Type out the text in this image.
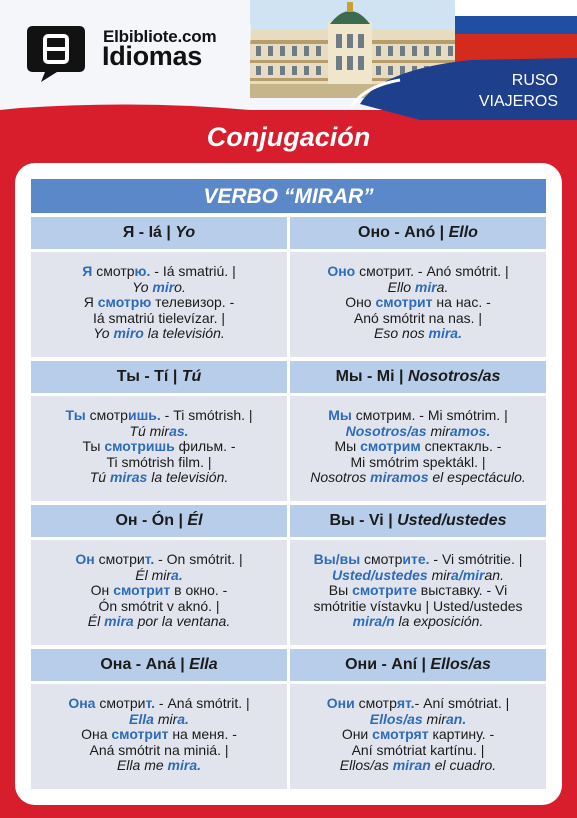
Elbibliote.com
Idiomas
RUSO
VIAJEROS
Conjugación
VERBO “MIRAR”
Я - Iá | Yo	Оно - Anó | Ello
Я смотрю. - Iá smatriú. |
Yo miro.
Я смотрю телевизор. -
Iá smatriú tielevízar. |
Yo miro la televisión.
Оно смотрит. - Anó smótrit. |
Ello mira.
Оно смотрит на нас. -
Anó smótrit na nas. |
Eso nos mira.
Ты - Tí | Tú	Мы - Mi | Nosotros/as
Ты смотришь. - Ti smótrish. |
Tú miras.
Ты смотришь фильм. -
Ti smótrish film. |
Tú miras la televisión.
Мы смотрим. - Mi smótrim. |
Nosotros/as miramos.
Мы смотрим спектакль. -
Mi smótrim spektákl. |
Nosotros miramos el espectáculo.
Он - Ón | Él	Вы - Vi | Usted/ustedes
Он смотрит. - On smótrit. |
Él mira.
Он смотрит в окно. -
Ón smótrit v aknó. |
Él mira por la ventana.
Вы/вы смотрите. - Vi smótritie. |
Usted/ustedes mira/miran.
Вы смотрите выставку. - Vi
smótritie vístavku | Usted/ustedes
mira/n la exposición.
Она - Aná | Ella	Они - Aní | Ellos/as
Она смотрит. - Aná smótrit. |
Ella mira.
Она смотрит на меня. -
Aná smótrit na miniá. |
Ella me mira.
Они смотрят.- Aní smótriat. |
Ellos/as miran.
Они смотрят картину. -
Aní smótriat kartínu. |
Ellos/as miran el cuadro.
